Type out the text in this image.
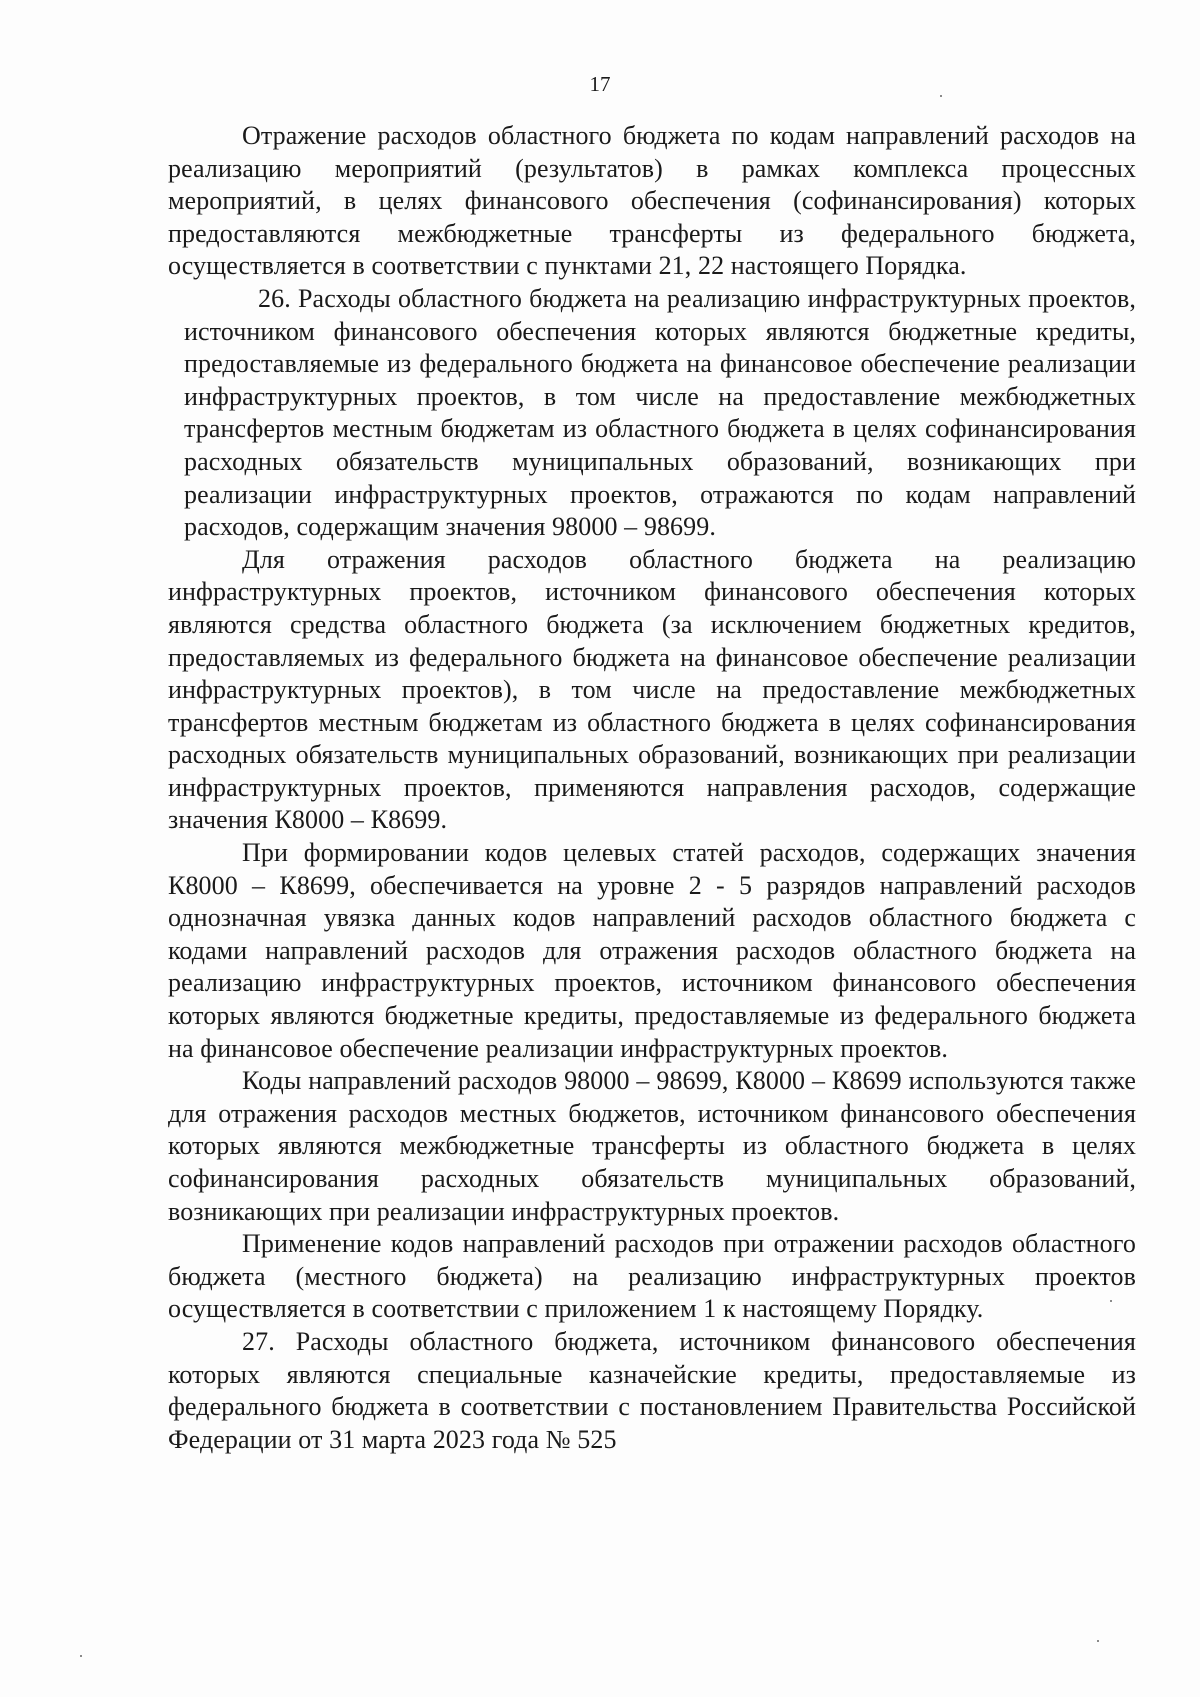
17

Отражение расходов областного бюджета по кодам направлений расходов на реализацию мероприятий (результатов) в рамках комплекса процессных мероприятий, в целях финансового обеспечения (софинансирования) которых предоставляются межбюджетные трансферты из федерального бюджета, осуществляется в соответствии с пунктами 21, 22 настоящего Порядка.

26. Расходы областного бюджета на реализацию инфраструктурных проектов, источником финансового обеспечения которых являются бюджетные кредиты, предоставляемые из федерального бюджета на финансовое обеспечение реализации инфраструктурных проектов, в том числе на предоставление межбюджетных трансфертов местным бюджетам из областного бюджета в целях софинансирования расходных обязательств муниципальных образований, возникающих при реализации инфраструктурных проектов, отражаются по кодам направлений расходов, содержащим значения 98000 – 98699.

Для отражения расходов областного бюджета на реализацию инфраструктурных проектов, источником финансового обеспечения которых являются средства областного бюджета (за исключением бюджетных кредитов, предоставляемых из федерального бюджета на финансовое обеспечение реализации инфраструктурных проектов), в том числе на предоставление межбюджетных трансфертов местным бюджетам из областного бюджета в целях софинансирования расходных обязательств муниципальных образований, возникающих при реализации инфраструктурных проектов, применяются направления расходов, содержащие значения К8000 – К8699.

При формировании кодов целевых статей расходов, содержащих значения К8000 – К8699, обеспечивается на уровне 2 - 5 разрядов направлений расходов однозначная увязка данных кодов направлений расходов областного бюджета с кодами направлений расходов для отражения расходов областного бюджета на реализацию инфраструктурных проектов, источником финансового обеспечения которых являются бюджетные кредиты, предоставляемые из федерального бюджета на финансовое обеспечение реализации инфраструктурных проектов.

Коды направлений расходов 98000 – 98699, К8000 – К8699 используются также для отражения расходов местных бюджетов, источником финансового обеспечения которых являются межбюджетные трансферты из областного бюджета в целях софинансирования расходных обязательств муниципальных образований, возникающих при реализации инфраструктурных проектов.

Применение кодов направлений расходов при отражении расходов областного бюджета (местного бюджета) на реализацию инфраструктурных проектов осуществляется в соответствии с приложением 1 к настоящему Порядку.

27. Расходы областного бюджета, источником финансового обеспечения которых являются специальные казначейские кредиты, предоставляемые из федерального бюджета в соответствии с постановлением Правительства Российской Федерации от 31 марта 2023 года № 525
